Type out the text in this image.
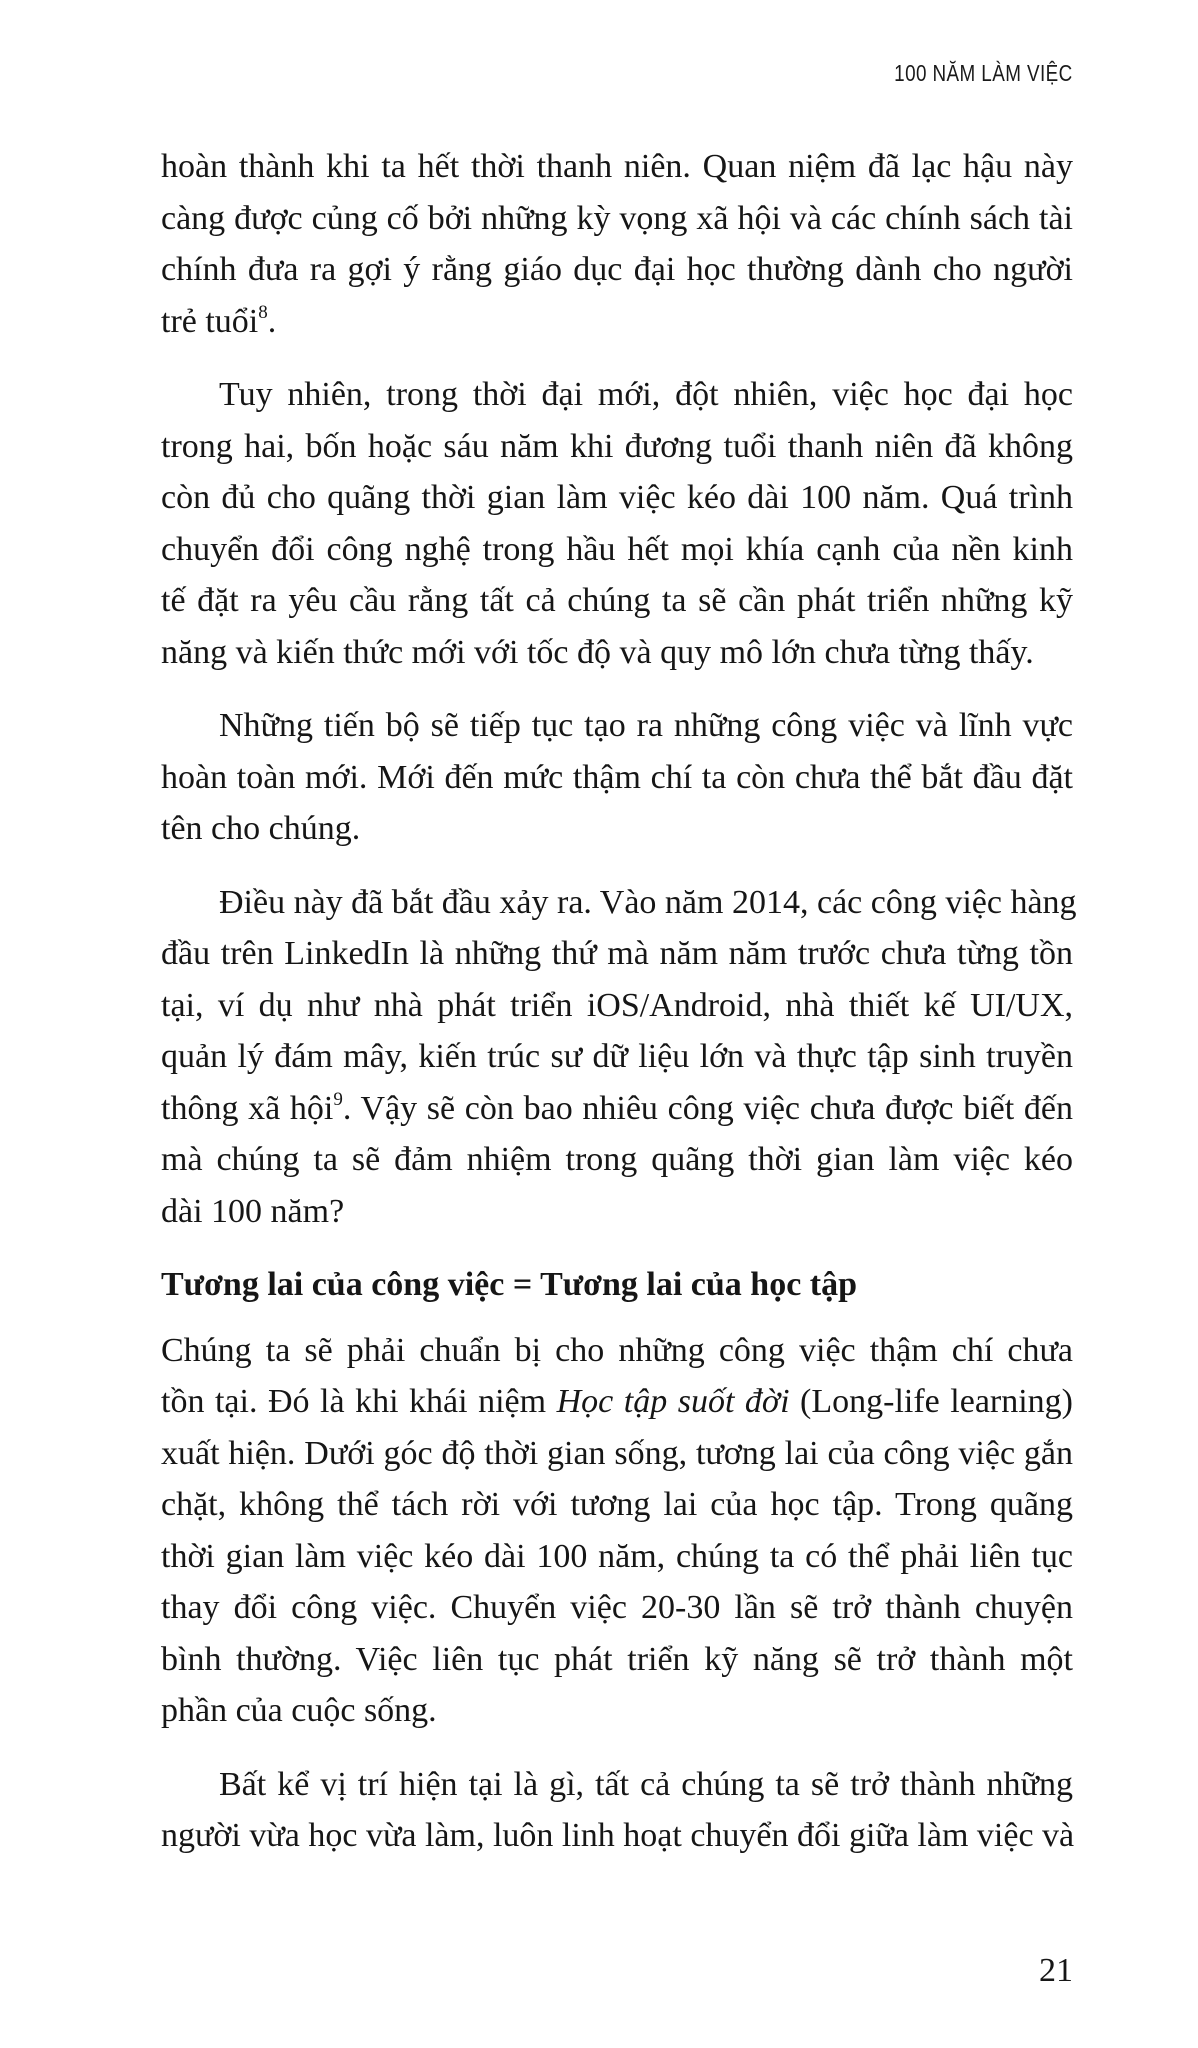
100 NĂM LÀM VIỆC
hoàn thành khi ta hết thời thanh niên. Quan niệm đã lạc hậu này
càng được củng cố bởi những kỳ vọng xã hội và các chính sách tài
chính đưa ra gợi ý rằng giáo dục đại học thường dành cho người
trẻ tuổi$^8$.
Tuy nhiên, trong thời đại mới, đột nhiên, việc học đại học
trong hai, bốn hoặc sáu năm khi đương tuổi thanh niên đã không
còn đủ cho quãng thời gian làm việc kéo dài 100 năm. Quá trình
chuyển đổi công nghệ trong hầu hết mọi khía cạnh của nền kinh
tế đặt ra yêu cầu rằng tất cả chúng ta sẽ cần phát triển những kỹ
năng và kiến thức mới với tốc độ và quy mô lớn chưa từng thấy.
Những tiến bộ sẽ tiếp tục tạo ra những công việc và lĩnh vực
hoàn toàn mới. Mới đến mức thậm chí ta còn chưa thể bắt đầu đặt
tên cho chúng.
Điều này đã bắt đầu xảy ra. Vào năm 2014, các công việc hàng
đầu trên LinkedIn là những thứ mà năm năm trước chưa từng tồn
tại, ví dụ như nhà phát triển iOS/Android, nhà thiết kế UI/UX,
quản lý đám mây, kiến trúc sư dữ liệu lớn và thực tập sinh truyền
thông xã hội$^9$. Vậy sẽ còn bao nhiêu công việc chưa được biết đến
mà chúng ta sẽ đảm nhiệm trong quãng thời gian làm việc kéo
dài 100 năm?
Tương lai của công việc = Tương lai của học tập
Chúng ta sẽ phải chuẩn bị cho những công việc thậm chí chưa
tồn tại. Đó là khi khái niệm Học tập suốt đời (Long-life learning)
xuất hiện. Dưới góc độ thời gian sống, tương lai của công việc gắn
chặt, không thể tách rời với tương lai của học tập. Trong quãng
thời gian làm việc kéo dài 100 năm, chúng ta có thể phải liên tục
thay đổi công việc. Chuyển việc 20-30 lần sẽ trở thành chuyện
bình thường. Việc liên tục phát triển kỹ năng sẽ trở thành một
phần của cuộc sống.
Bất kể vị trí hiện tại là gì, tất cả chúng ta sẽ trở thành những
người vừa học vừa làm, luôn linh hoạt chuyển đổi giữa làm việc và
21
